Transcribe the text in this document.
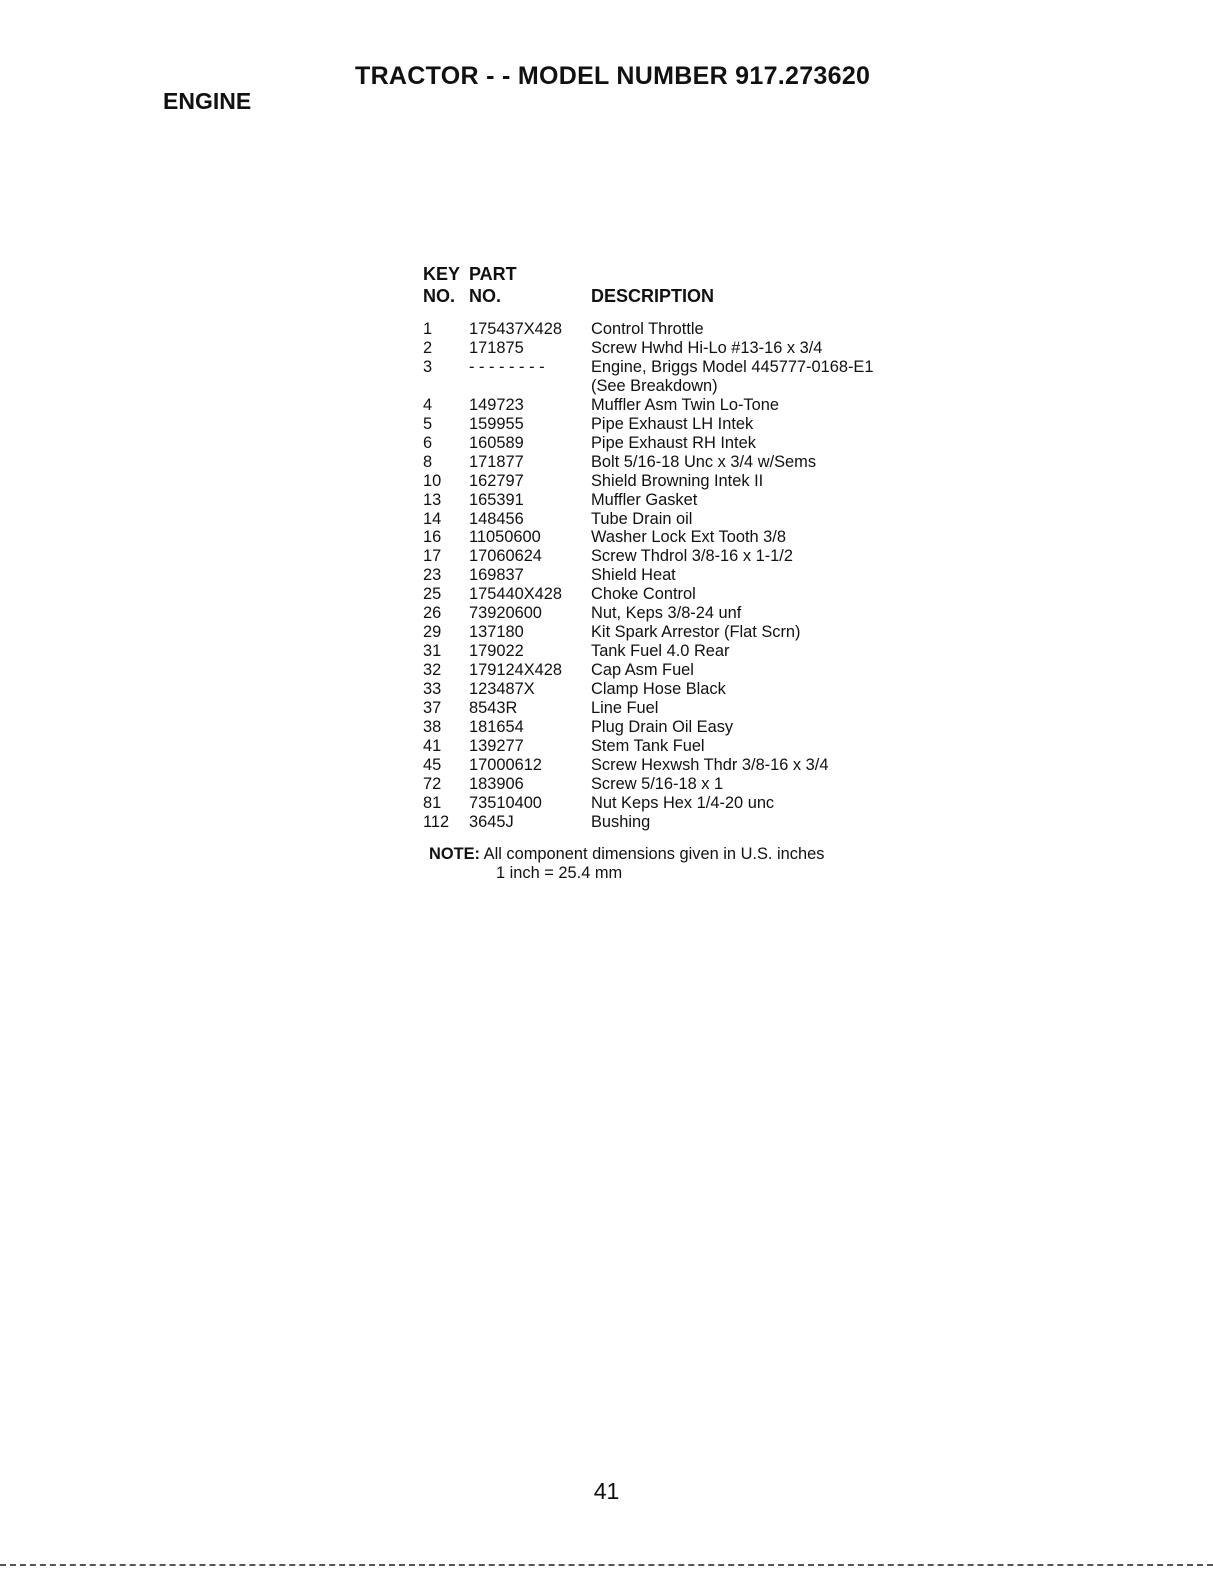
TRACTOR - - MODEL NUMBER 917.273620
ENGINE
KEY PART
NO. NO.	DESCRIPTION
1 175437X428 Control Throttle
2 171875	Screw Hwhd Hi-Lo #13-16 x 3/4
3 - - - - - - - -	Engine, Briggs Model 445777-0168-E1
(See Breakdown)
4 149723	Muffler Asm Twin Lo-Tone
5 159955	Pipe Exhaust LH Intek
6 160589	Pipe Exhaust RH Intek
8 171877	Bolt 5/16-18 Unc x 3/4 w/Sems
10 162797	Shield Browning Intek II
13 165391	Muffler Gasket
14 148456	Tube Drain oil
16 11050600	Washer Lock Ext Tooth 3/8
17 17060624	Screw Thdrol 3/8-16 x 1-1/2
23 169837	Shield Heat
25 175440X428 Choke Control
26 73920600	Nut, Keps 3/8-24 unf
29 137180	Kit Spark Arrestor (Flat Scrn)
31 179022	Tank Fuel 4.0 Rear
32 179124X428 Cap Asm Fuel
33 123487X	Clamp Hose Black
37 8543R	Line Fuel
38 181654	Plug Drain Oil Easy
41 139277	Stem Tank Fuel
45 17000612	Screw Hexwsh Thdr 3/8-16 x 3/4
72 183906	Screw 5/16-18 x 1
81 73510400	Nut Keps Hex 1/4-20 unc
112 3645J	Bushing
NOTE: All component dimensions given in U.S. inches
1 inch = 25.4 mm
41
